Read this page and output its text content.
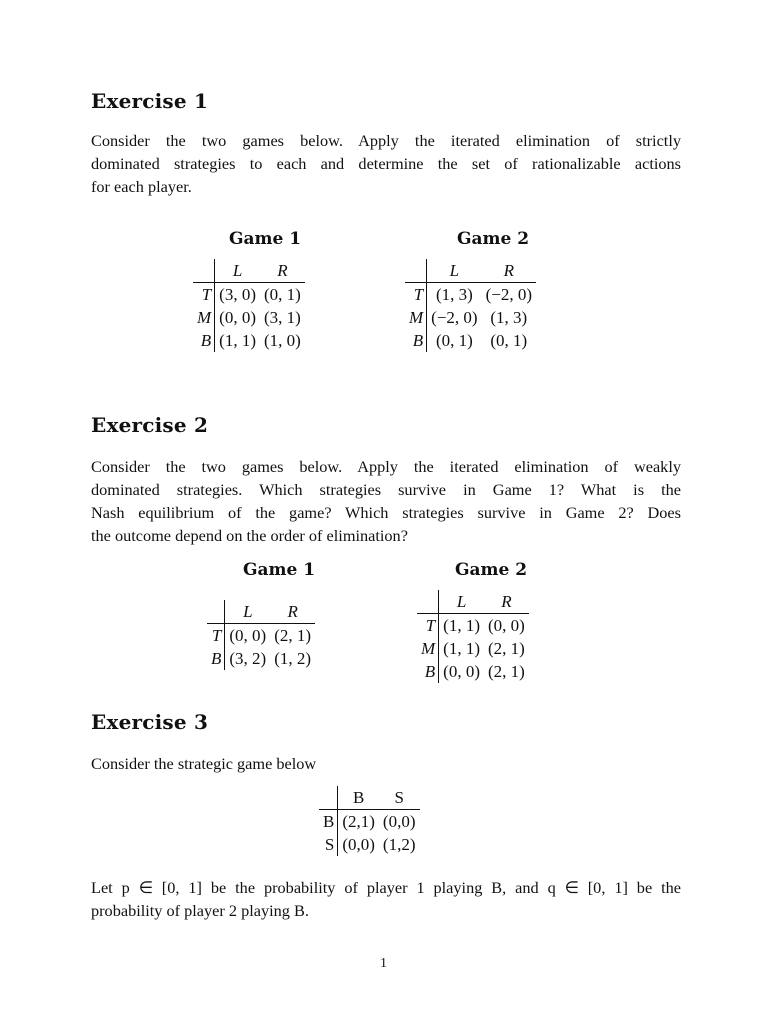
Exercise 1
Consider the two games below. Apply the iterated elimination of strictly
dominated strategies to each and determine the set of rationalizable actions
for each player.
Game 1
	L	R
T	(3, 0)	(0, 1)
M	(0, 0)	(3, 1)
B	(1, 1)	(1, 0)
Game 2
	L	R
T	(1, 3)	(−2, 0)
M	(−2, 0)	(1, 3)
B	(0, 1)	(0, 1)
Exercise 2
Consider the two games below. Apply the iterated elimination of weakly
dominated strategies. Which strategies survive in Game 1? What is the
Nash equilibrium of the game? Which strategies survive in Game 2? Does
the outcome depend on the order of elimination?
Game 1
	L	R
T	(0, 0)	(2, 1)
B	(3, 2)	(1, 2)
Game 2
	L	R
T	(1, 1)	(0, 0)
M	(1, 1)	(2, 1)
B	(0, 0)	(2, 1)
Exercise 3
Consider the strategic game below
	B	S
B	(2,1)	(0,0)
S	(0,0)	(1,2)
Let p ∈ [0, 1] be the probability of player 1 playing B, and q ∈ [0, 1] be the
probability of player 2 playing B.
1
